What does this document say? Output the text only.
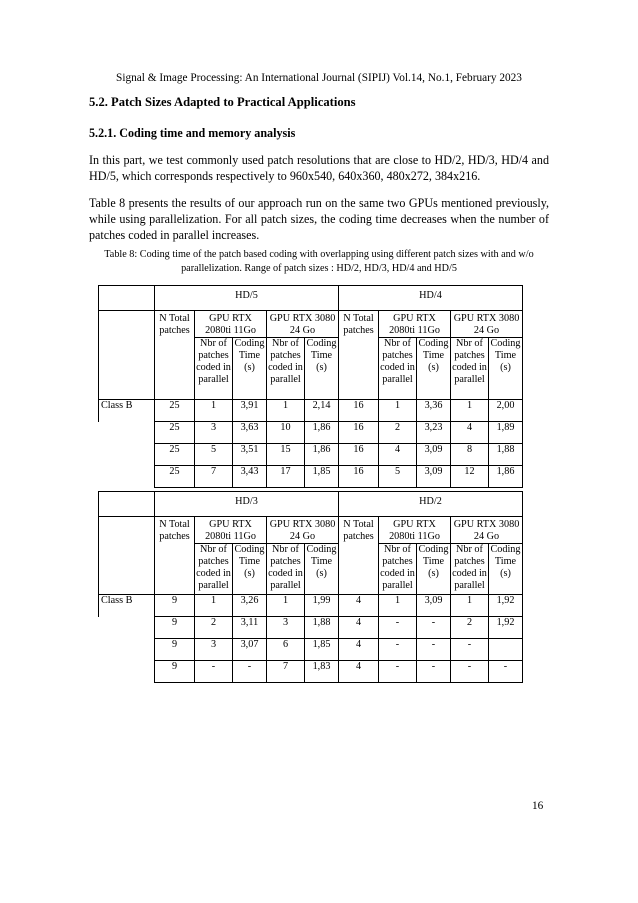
Signal & Image Processing: An International Journal (SIPIJ) Vol.14, No.1, February 2023
5.2. Patch Sizes Adapted to Practical Applications
5.2.1. Coding time and memory analysis
In this part, we test commonly used patch resolutions that are close to HD/2, HD/3, HD/4 and HD/5, which corresponds respectively to 960x540, 640x360, 480x272, 384x216.
Table 8 presents the results of our approach run on the same two GPUs mentioned previously, while using parallelization. For all patch sizes, the coding time decreases when the number of patches coded in parallel increases.
Table 8: Coding time of the patch based coding with overlapping using different patch sizes with and w/o parallelization. Range of patch sizes : HD/2, HD/3, HD/4 and HD/5
	HD/5					HD/4				
	N Total patches	GPU RTX 2080ti 11Go		GPU RTX 3080 24 Go		N Total patches	GPU RTX 2080ti 11Go		GPU RTX 3080 24 Go	
		Nbr of patches coded in parallel	Coding Time (s)	Nbr of patches coded in parallel	Coding Time (s)		Nbr of patches coded in parallel	Coding Time (s)	Nbr of patches coded in parallel	Coding Time (s)
Class B	25	1	3,91	1	2,14	16	1	3,36	1	2,00
	25	3	3,63	10	1,86	16	2	3,23	4	1,89
	25	5	3,51	15	1,86	16	4	3,09	8	1,88
	25	7	3,43	17	1,85	16	5	3,09	12	1,86
	HD/3					HD/2				
	N Total patches	GPU RTX 2080ti 11Go		GPU RTX 3080 24 Go		N Total patches	GPU RTX 2080ti 11Go		GPU RTX 3080 24 Go	
		Nbr of patches coded in parallel	Coding Time (s)	Nbr of patches coded in parallel	Coding Time (s)		Nbr of patches coded in parallel	Coding Time (s)	Nbr of patches coded in parallel	Coding Time (s)
Class B	9	1	3,26	1	1,99	4	1	3,09	1	1,92
	9	2	3,11	3	1,88	4	-	-	2	1,92
	9	3	3,07	6	1,85	4	-	-	-	
	9	-	-	7	1,83	4	-	-	-	-
16
